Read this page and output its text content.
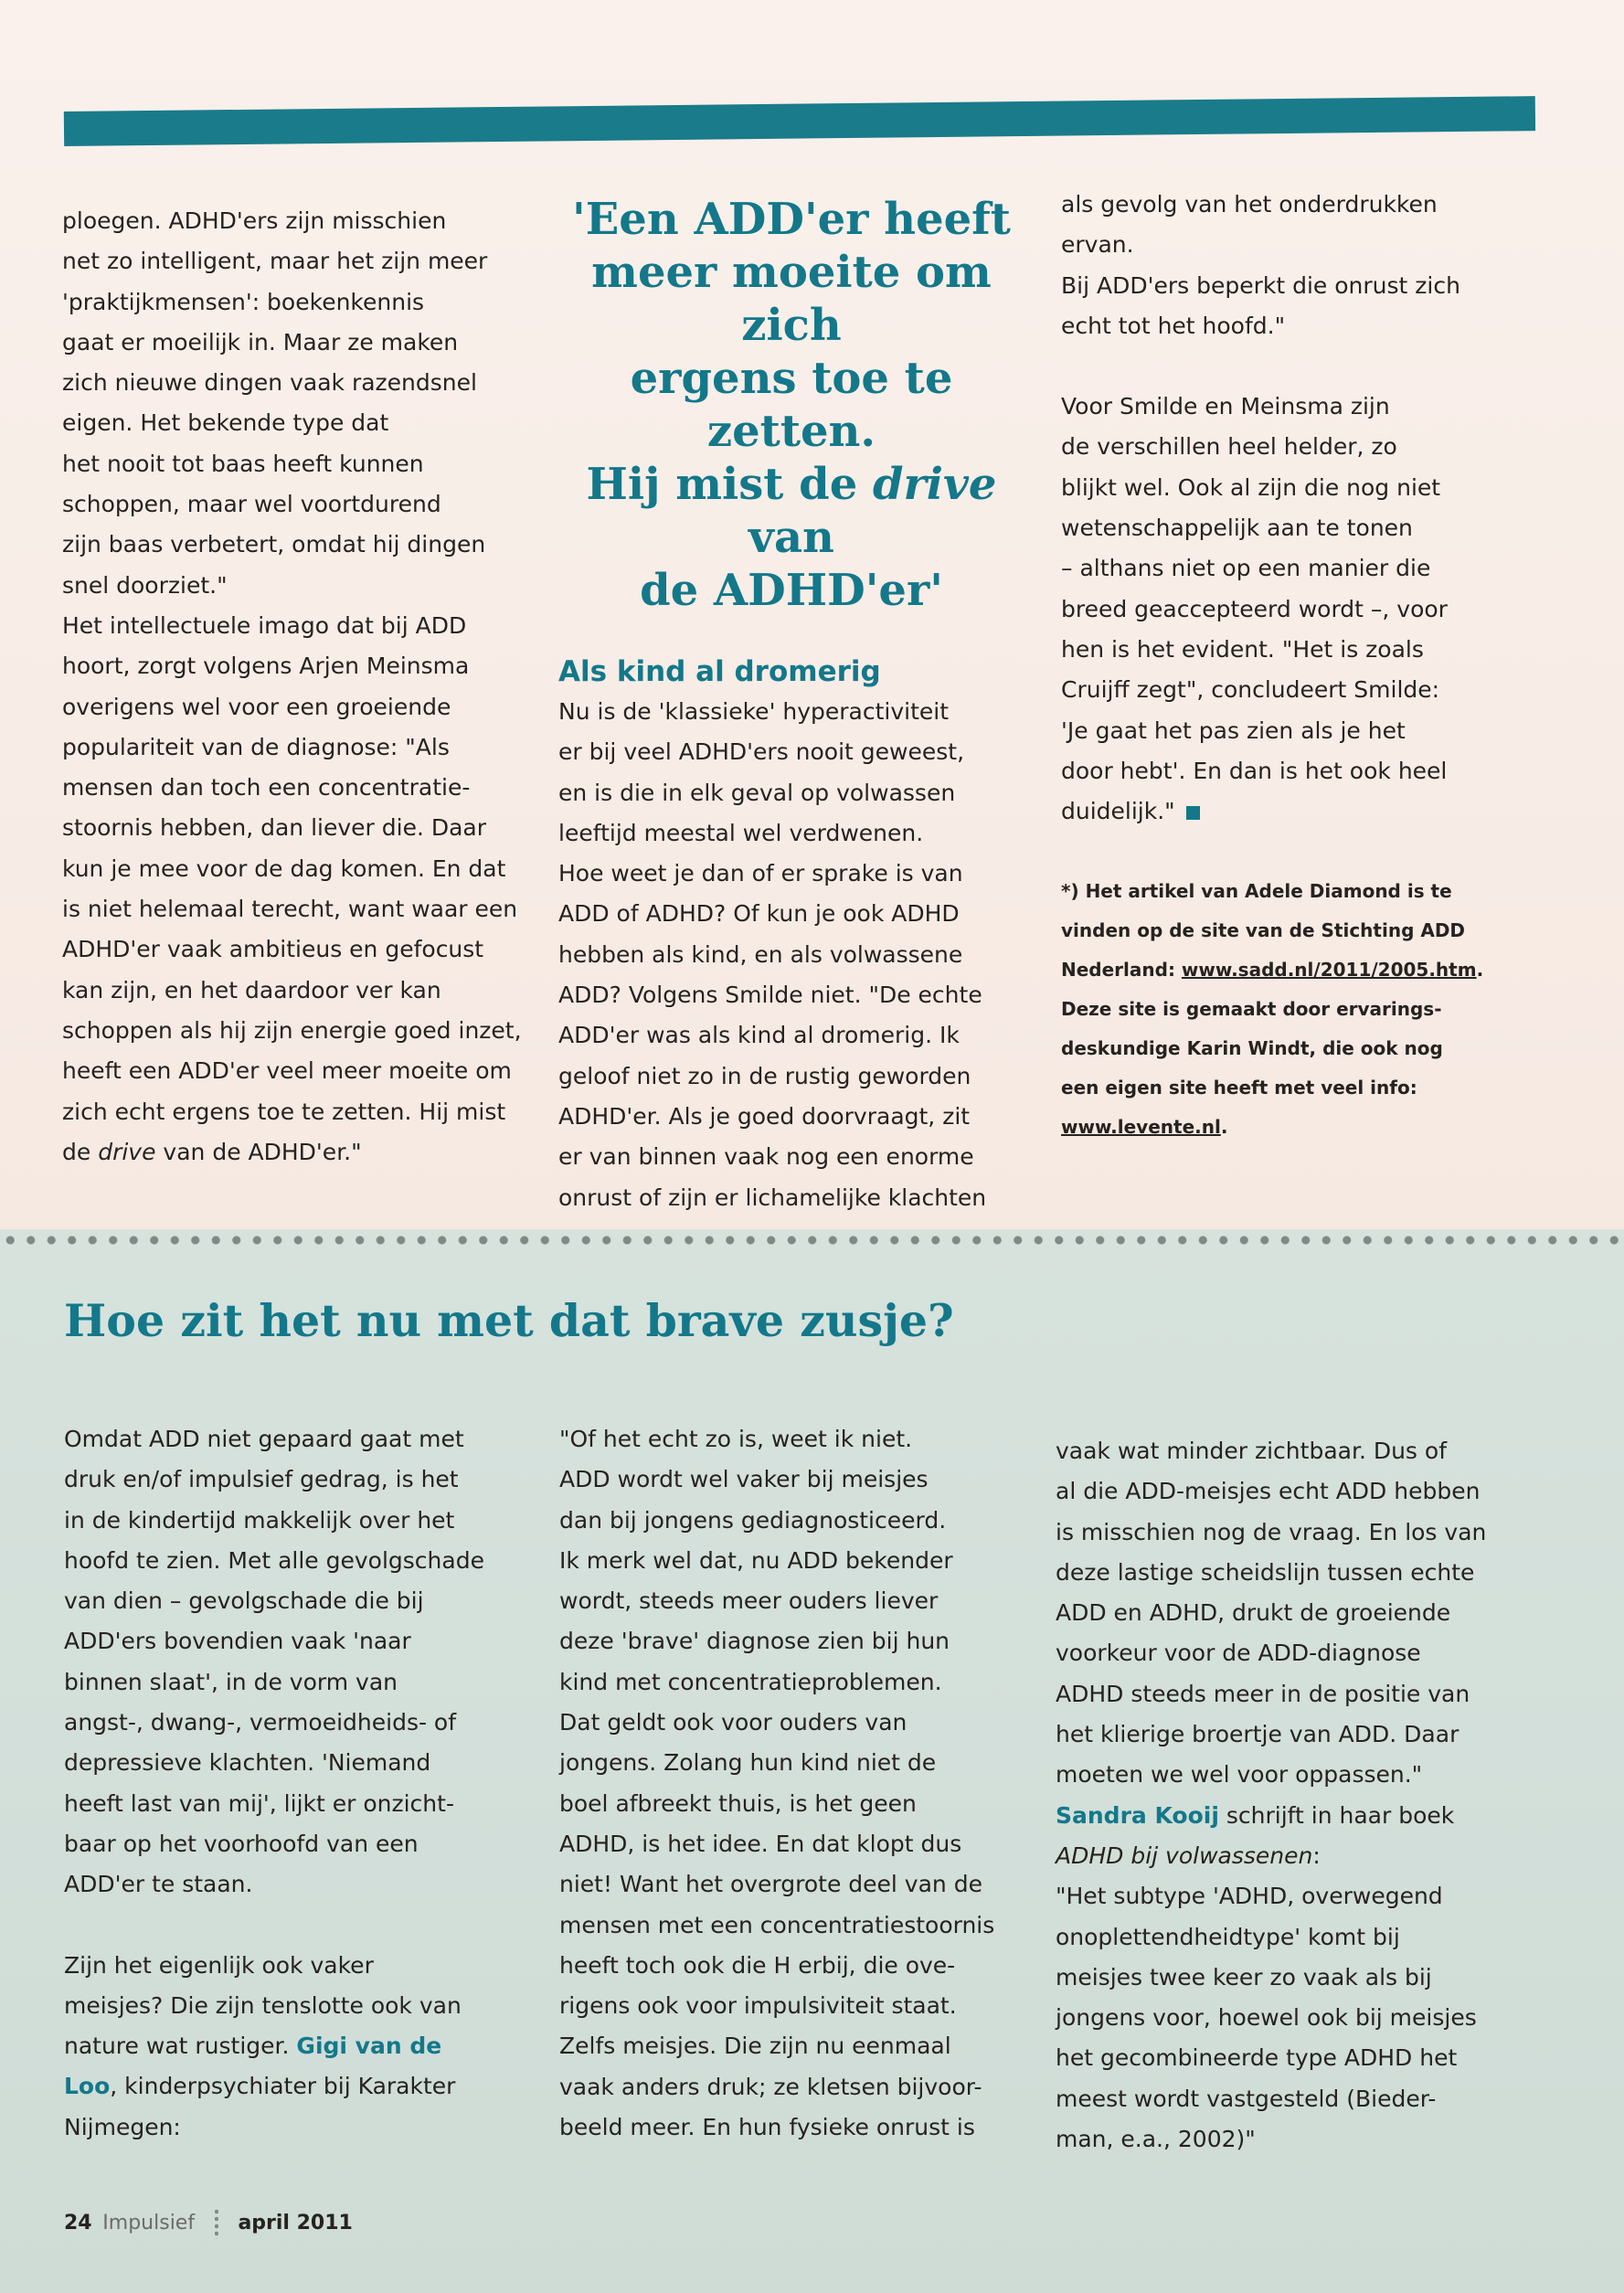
ploegen. ADHD'ers zijn misschien

net zo intelligent, maar het zijn meer

'praktijkmensen': boekenkennis

gaat er moeilijk in. Maar ze maken

zich nieuwe dingen vaak razendsnel

eigen. Het bekende type dat

het nooit tot baas heeft kunnen

schoppen, maar wel voortdurend

zijn baas verbetert, omdat hij dingen

snel doorziet."

Het intellectuele imago dat bij ADD

hoort, zorgt volgens Arjen Meinsma

overigens wel voor een groeiende

populariteit van de diagnose: "Als

mensen dan toch een concentratie-

stoornis hebben, dan liever die. Daar

kun je mee voor de dag komen. En dat

is niet helemaal terecht, want waar een

ADHD'er vaak ambitieus en gefocust

kan zijn, en het daardoor ver kan

schoppen als hij zijn energie goed inzet,

heeft een ADD'er veel meer moeite om

zich echt ergens toe te zetten. Hij mist

de drive van de ADHD'er."

'Een ADD'er heeft
meer moeite om zich
ergens toe te zetten.
Hij mist de drive van
de ADHD'er'

Als kind al dromerig

Nu is de 'klassieke' hyperactiviteit

er bij veel ADHD'ers nooit geweest,

en is die in elk geval op volwassen

leeftijd meestal wel verdwenen.

Hoe weet je dan of er sprake is van

ADD of ADHD? Of kun je ook ADHD

hebben als kind, en als volwassene

ADD? Volgens Smilde niet. "De echte

ADD'er was als kind al dromerig. Ik

geloof niet zo in de rustig geworden

ADHD'er. Als je goed doorvraagt, zit

er van binnen vaak nog een enorme

onrust of zijn er lichamelijke klachten

als gevolg van het onderdrukken

ervan.

Bij ADD'ers beperkt die onrust zich

echt tot het hoofd."

Voor Smilde en Meinsma zijn

de verschillen heel helder, zo

blijkt wel. Ook al zijn die nog niet

wetenschappelijk aan te tonen

– althans niet op een manier die

breed geaccepteerd wordt –, voor

hen is het evident. "Het is zoals

Cruijff zegt", concludeert Smilde:

'Je gaat het pas zien als je het

door hebt'. En dan is het ook heel

duidelijk."

*) Het artikel van Adele Diamond is te

vinden op de site van de Stichting ADD

Nederland: www.sadd.nl/2011/2005.htm.

Deze site is gemaakt door ervarings-

deskundige Karin Windt, die ook nog

een eigen site heeft met veel info:

www.levente.nl.

Hoe zit het nu met dat brave zusje?

Omdat ADD niet gepaard gaat met

druk en/of impulsief gedrag, is het

in de kindertijd makkelijk over het

hoofd te zien. Met alle gevolgschade

van dien – gevolgschade die bij

ADD'ers bovendien vaak 'naar

binnen slaat', in de vorm van

angst-, dwang-, vermoeidheids- of

depressieve klachten. 'Niemand

heeft last van mij', lijkt er onzicht-

baar op het voorhoofd van een

ADD'er te staan.

Zijn het eigenlijk ook vaker

meisjes? Die zijn tenslotte ook van

nature wat rustiger. Gigi van de

Loo, kinderpsychiater bij Karakter

Nijmegen:

"Of het echt zo is, weet ik niet.

ADD wordt wel vaker bij meisjes

dan bij jongens gediagnosticeerd.

Ik merk wel dat, nu ADD bekender

wordt, steeds meer ouders liever

deze 'brave' diagnose zien bij hun

kind met concentratieproblemen.

Dat geldt ook voor ouders van

jongens. Zolang hun kind niet de

boel afbreekt thuis, is het geen

ADHD, is het idee. En dat klopt dus

niet! Want het overgrote deel van de

mensen met een concentratiestoornis

heeft toch ook die H erbij, die ove-

rigens ook voor impulsiviteit staat.

Zelfs meisjes. Die zijn nu eenmaal

vaak anders druk; ze kletsen bijvoor-

beeld meer. En hun fysieke onrust is

vaak wat minder zichtbaar. Dus of

al die ADD-meisjes echt ADD hebben

is misschien nog de vraag. En los van

deze lastige scheidslijn tussen echte

ADD en ADHD, drukt de groeiende

voorkeur voor de ADD-diagnose

ADHD steeds meer in de positie van

het klierige broertje van ADD. Daar

moeten we wel voor oppassen."

Sandra Kooij schrijft in haar boek

ADHD bij volwassenen:

"Het subtype 'ADHD, overwegend

onoplettendheidtype' komt bij

meisjes twee keer zo vaak als bij

jongens voor, hoewel ook bij meisjes

het gecombineerde type ADHD het

meest wordt vastgesteld (Bieder-

man, e.a., 2002)"

24 Impulsief april 2011
